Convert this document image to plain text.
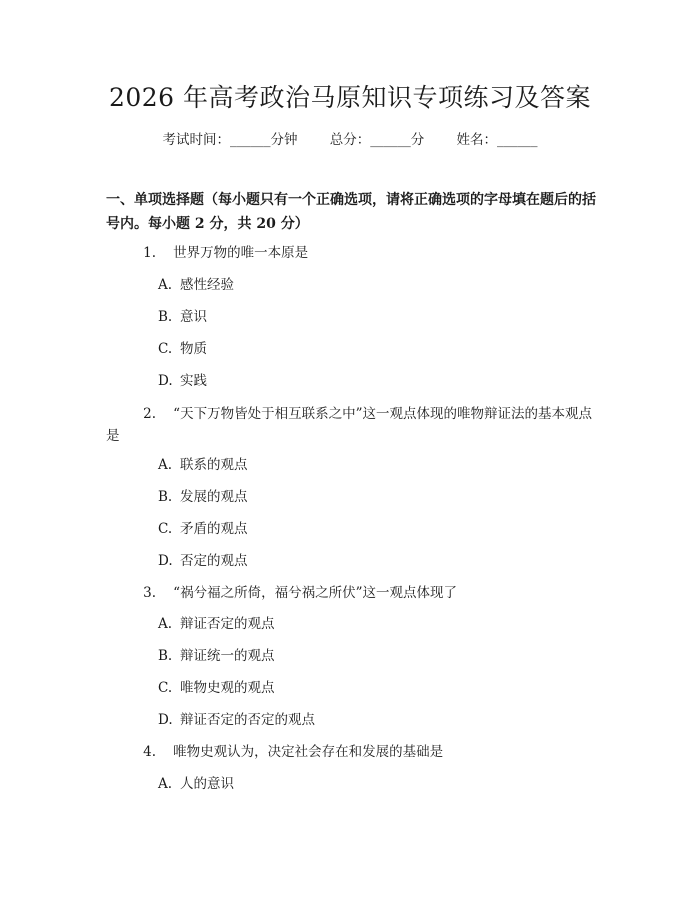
2026 年高考政治马原知识专项练习及答案
考试时间：______分钟 总分：______分 姓名：______
一、单项选择题（每小题只有一个正确选项，请将正确选项的字母填在题后的括
号内。每小题 2 分，共 20 分）
1. 世界万物的唯一本原是
A. 感性经验
B. 意识
C. 物质
D. 实践
2. “天下万物皆处于相互联系之中”这一观点体现的唯物辩证法的基本观点
是
A. 联系的观点
B. 发展的观点
C. 矛盾的观点
D. 否定的观点
3. “祸兮福之所倚，福兮祸之所伏”这一观点体现了
A. 辩证否定的观点
B. 辩证统一的观点
C. 唯物史观的观点
D. 辩证否定的否定的观点
4. 唯物史观认为，决定社会存在和发展的基础是
A. 人的意识
